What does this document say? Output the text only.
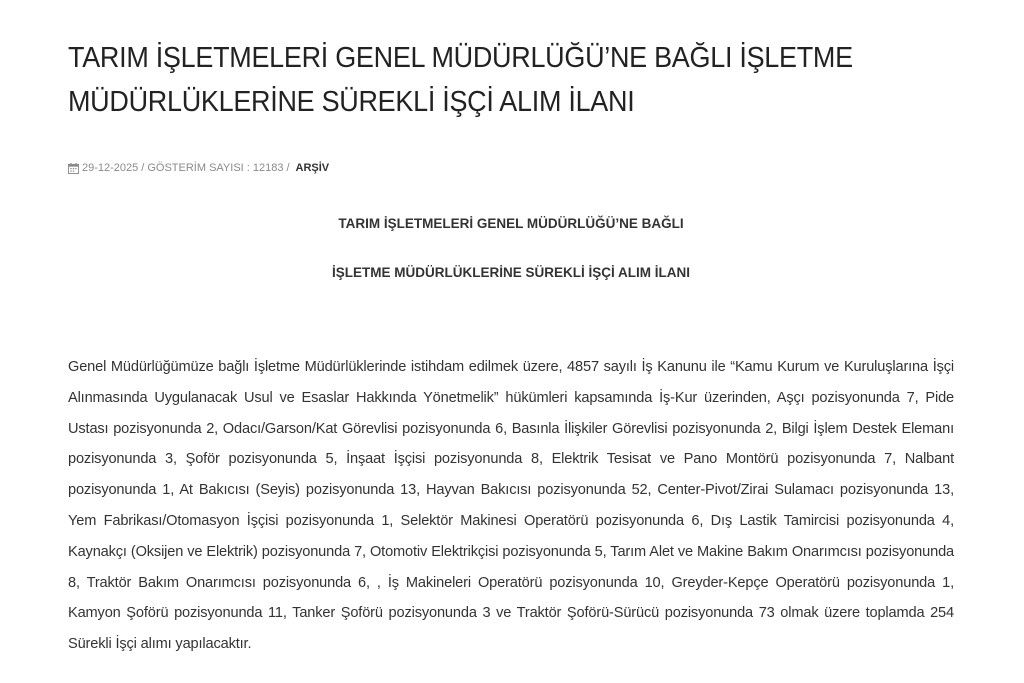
TARIM İŞLETMELERİ GENEL MÜDÜRLÜĞÜ’NE BAĞLI İŞLETME
MÜDÜRLÜKLERİNE SÜREKLİ İŞÇİ ALIM İLANI
29-12-2025 / GÖSTERİM SAYISI : 12183 / ARŞİV
TARIM İŞLETMELERİ GENEL MÜDÜRLÜĞÜ’NE BAĞLI
İŞLETME MÜDÜRLÜKLERİNE SÜREKLİ İŞÇİ ALIM İLANI

Genel Müdürlüğümüze bağlı İşletme Müdürlüklerinde istihdam edilmek üzere, 4857 sayılı İş Kanunu ile “Kamu Kurum ve Kuruluşlarına İşçi Alınmasında Uygulanacak Usul ve Esaslar Hakkında Yönetmelik” hükümleri kapsamında İş-Kur üzerinden, Aşçı pozisyonunda 7, Pide Ustası pozisyonunda 2, Odacı/Garson/Kat Görevlisi pozisyonunda 6, Basınla İlişkiler Görevlisi pozisyonunda 2, Bilgi İşlem Destek Elemanı pozisyonunda 3, Şoför pozisyonunda 5, İnşaat İşçisi pozisyonunda 8, Elektrik Tesisat ve Pano Montörü pozisyonunda 7, Nalbant pozisyonunda 1, At Bakıcısı (Seyis) pozisyonunda 13, Hayvan Bakıcısı pozisyonunda 52, Center-Pivot/Zirai Sulamacı pozisyonunda 13, Yem Fabrikası/Otomasyon İşçisi pozisyonunda 1, Selektör Makinesi Operatörü pozisyonunda 6, Dış Lastik Tamircisi pozisyonunda 4, Kaynakçı (Oksijen ve Elektrik) pozisyonunda 7, Otomotiv Elektrikçisi pozisyonunda 5, Tarım Alet ve Makine Bakım Onarımcısı pozisyonunda 8, Traktör Bakım Onarımcısı pozisyonunda 6, , İş Makineleri Operatörü pozisyonunda 10, Greyder-Kepçe Operatörü pozisyonunda 1, Kamyon Şoförü pozisyonunda 11, Tanker Şoförü pozisyonunda 3 ve Traktör Şoförü-Sürücü pozisyonunda 73 olmak üzere toplamda 254 Sürekli İşçi alımı yapılacaktır.
